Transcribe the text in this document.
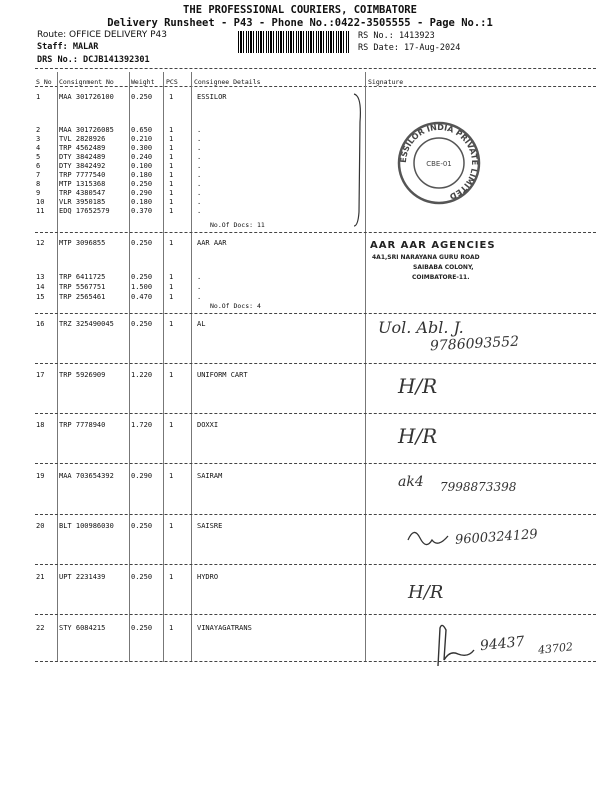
THE PROFESSIONAL COURIERS, COIMBATORE
Delivery Runsheet - P43 - Phone No.:0422-3505555 - Page No.:1
Route: OFFICE DELIVERY P43
Staff: MALAR
DRS No.: DCJB141392301
RS No.: 1413923
RS Date: 17-Aug-2024
S No Consignment No	Weight PCS	Consignee Details	Signature
1	MAA 301726100 0.250 1	ESSILOR
2	MAA 301726085 0.650 1	.
3	TVL 2828926	0.210 1	.
4	TRP 4562489	0.300 1	.
5	DTY 3842489	0.240 1	.
6	DTY 3842492	0.100 1	.
7	TRP 7777540	0.180 1	.
8	MTP 1315368	0.250 1	.
9	TRP 4380547	0.290 1	.
10 VLR 3950185	0.180 1	.
11 EDQ 17652579	0.370 1	.
No.Of Docs: 11
12 MTP 3096855	0.250 1	AAR AAR
13 TRP 6411725	0.250 1	.
14 TRP 5567751	1.500 1	.
15 TRP 2565461	0.470 1	.
No.Of Docs: 4
16 TRZ 325490045 0.250 1	AL
17 TRP 5926909	1.220 1	UNIFORM CART
18 TRP 7778940	1.720 1	DOXXI
19 MAA 703654392 0.290 1	SAIRAM
20 BLT 100986030 0.250 1	SAISRE
21 UPT 2231439	0.250 1	HYDRO
22 STY 6084215	0.250 1	VINAYAGATRANS
ESSILOR INDIA PRIVATE LIMITED
CBE-01
AAR AAR AGENCIES
4A1,SRI NARAYANA GURU ROAD
SAIBABA COLONY,
COIMBATORE-11.
Uol. Abl. J.
9786093552
H/R
H/R
ak4 7998873398
9600324129
H/R
94437 43702
